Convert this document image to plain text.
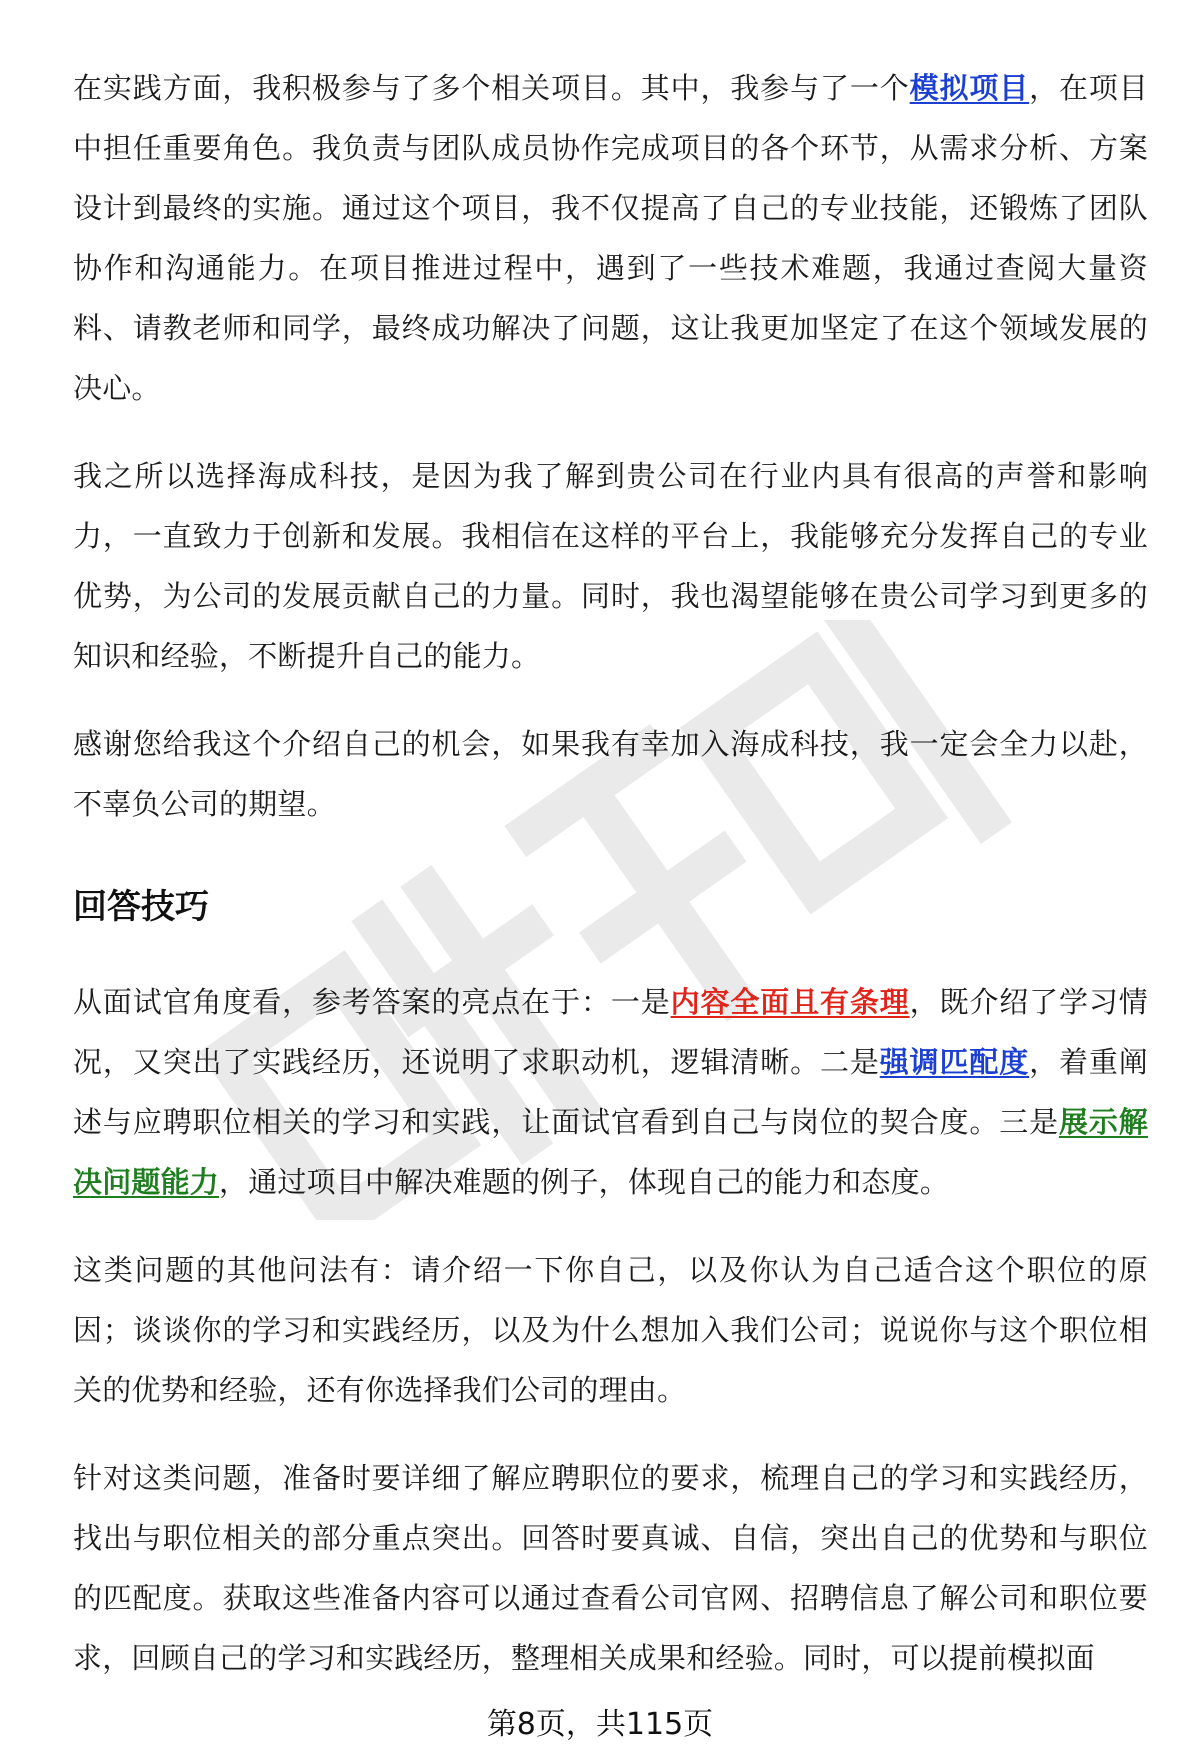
在实践方面，我积极参与了多个相关项目。其中，我参与了一个模拟项目，在项目中担任重要角色。我负责与团队成员协作完成项目的各个环节，从需求分析、方案设计到最终的实施。通过这个项目，我不仅提高了自己的专业技能，还锻炼了团队协作和沟通能力。在项目推进过程中，遇到了一些技术难题，我通过查阅大量资料、请教老师和同学，最终成功解决了问题，这让我更加坚定了在这个领域发展的决心。

我之所以选择海成科技，是因为我了解到贵公司在行业内具有很高的声誉和影响力，一直致力于创新和发展。我相信在这样的平台上，我能够充分发挥自己的专业优势，为公司的发展贡献自己的力量。同时，我也渴望能够在贵公司学习到更多的知识和经验，不断提升自己的能力。

感谢您给我这个介绍自己的机会，如果我有幸加入海成科技，我一定会全力以赴，不辜负公司的期望。

回答技巧

从面试官角度看，参考答案的亮点在于：一是内容全面且有条理，既介绍了学习情况，又突出了实践经历，还说明了求职动机，逻辑清晰。二是强调匹配度，着重阐述与应聘职位相关的学习和实践，让面试官看到自己与岗位的契合度。三是展示解决问题能力，通过项目中解决难题的例子，体现自己的能力和态度。

这类问题的其他问法有：请介绍一下你自己，以及你认为自己适合这个职位的原因；谈谈你的学习和实践经历，以及为什么想加入我们公司；说说你与这个职位相关的优势和经验，还有你选择我们公司的理由。

针对这类问题，准备时要详细了解应聘职位的要求，梳理自己的学习和实践经历，找出与职位相关的部分重点突出。回答时要真诚、自信，突出自己的优势和与职位的匹配度。获取这些准备内容可以通过查看公司官网、招聘信息了解公司和职位要求，回顾自己的学习和实践经历，整理相关成果和经验。同时，可以提前模拟面

第8页，共115页
